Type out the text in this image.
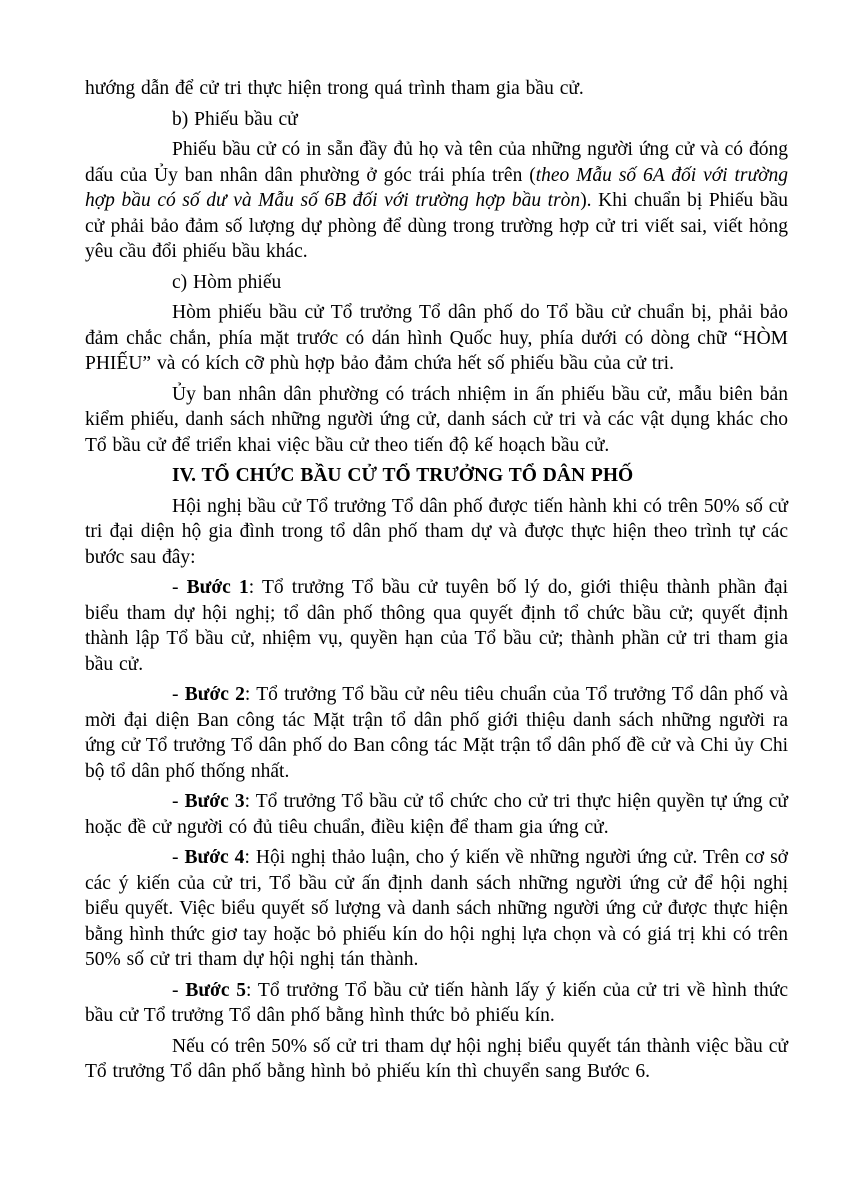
hướng dẫn để cử tri thực hiện trong quá trình tham gia bầu cử.

b) Phiếu bầu cử

Phiếu bầu cử có in sẵn đầy đủ họ và tên của những người ứng cử và có đóng dấu của Ủy ban nhân dân phường ở góc trái phía trên (theo Mẫu số 6A đối với trường hợp bầu có số dư và Mẫu số 6B đối với trường hợp bầu tròn). Khi chuẩn bị Phiếu bầu cử phải bảo đảm số lượng dự phòng để dùng trong trường hợp cử tri viết sai, viết hỏng yêu cầu đổi phiếu bầu khác.

c) Hòm phiếu

Hòm phiếu bầu cử Tổ trưởng Tổ dân phố do Tổ bầu cử chuẩn bị, phải bảo đảm chắc chắn, phía mặt trước có dán hình Quốc huy, phía dưới có dòng chữ “HÒM PHIẾU” và có kích cỡ phù hợp bảo đảm chứa hết số phiếu bầu của cử tri.

Ủy ban nhân dân phường có trách nhiệm in ấn phiếu bầu cử, mẫu biên bản kiểm phiếu, danh sách những người ứng cử, danh sách cử tri và các vật dụng khác cho Tổ bầu cử để triển khai việc bầu cử theo tiến độ kế hoạch bầu cử.

IV. TỔ CHỨC BẦU CỬ TỔ TRƯỞNG TỔ DÂN PHỐ

Hội nghị bầu cử Tổ trưởng Tổ dân phố được tiến hành khi có trên 50% số cử tri đại diện hộ gia đình trong tổ dân phố tham dự và được thực hiện theo trình tự các bước sau đây:

- Bước 1: Tổ trưởng Tổ bầu cử tuyên bố lý do, giới thiệu thành phần đại biểu tham dự hội nghị; tổ dân phố thông qua quyết định tổ chức bầu cử; quyết định thành lập Tổ bầu cử, nhiệm vụ, quyền hạn của Tổ bầu cử; thành phần cử tri tham gia bầu cử.

- Bước 2: Tổ trưởng Tổ bầu cử nêu tiêu chuẩn của Tổ trưởng Tổ dân phố và mời đại diện Ban công tác Mặt trận tổ dân phố giới thiệu danh sách những người ra ứng cử Tổ trưởng Tổ dân phố do Ban công tác Mặt trận tổ dân phố đề cử và Chi ủy Chi bộ tổ dân phố thống nhất.

- Bước 3: Tổ trưởng Tổ bầu cử tổ chức cho cử tri thực hiện quyền tự ứng cử hoặc đề cử người có đủ tiêu chuẩn, điều kiện để tham gia ứng cử.

- Bước 4: Hội nghị thảo luận, cho ý kiến về những người ứng cử. Trên cơ sở các ý kiến của cử tri, Tổ bầu cử ấn định danh sách những người ứng cử để hội nghị biểu quyết. Việc biểu quyết số lượng và danh sách những người ứng cử được thực hiện bằng hình thức giơ tay hoặc bỏ phiếu kín do hội nghị lựa chọn và có giá trị khi có trên 50% số cử tri tham dự hội nghị tán thành.

- Bước 5: Tổ trưởng Tổ bầu cử tiến hành lấy ý kiến của cử tri về hình thức bầu cử Tổ trưởng Tổ dân phố bằng hình thức bỏ phiếu kín.

Nếu có trên 50% số cử tri tham dự hội nghị biểu quyết tán thành việc bầu cử Tổ trưởng Tổ dân phố bằng hình bỏ phiếu kín thì chuyển sang Bước 6.
